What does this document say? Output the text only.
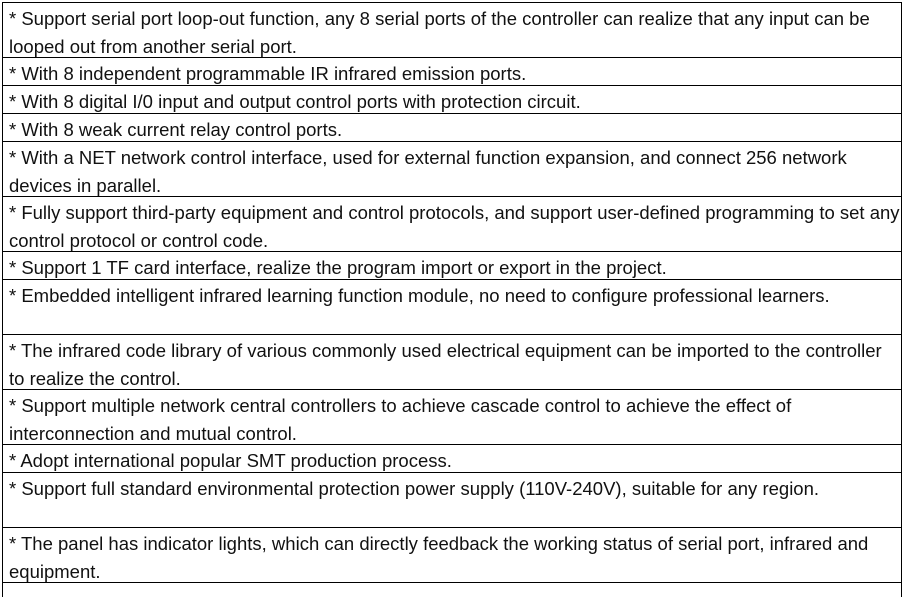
* Support serial port loop-out function, any 8 serial ports of the controller can realize that any input can be looped out from another serial port.
* With 8 independent programmable IR infrared emission ports.
* With 8 digital I/0 input and output control ports with protection circuit.
* With 8 weak current relay control ports.
* With a NET network control interface, used for external function expansion, and connect 256 network devices in parallel.
* Fully support third-party equipment and control protocols, and support user-defined programming to set any control protocol or control code.
* Support 1 TF card interface, realize the program import or export in the project.
* Embedded intelligent infrared learning function module, no need to configure professional learners.
* The infrared code library of various commonly used electrical equipment can be imported to the controller to realize the control.
* Support multiple network central controllers to achieve cascade control to achieve the effect of interconnection and mutual control.
* Adopt international popular SMT production process.
* Support full standard environmental protection power supply (110V-240V), suitable for any region.
* The panel has indicator lights, which can directly feedback the working status of serial port, infrared and equipment.
